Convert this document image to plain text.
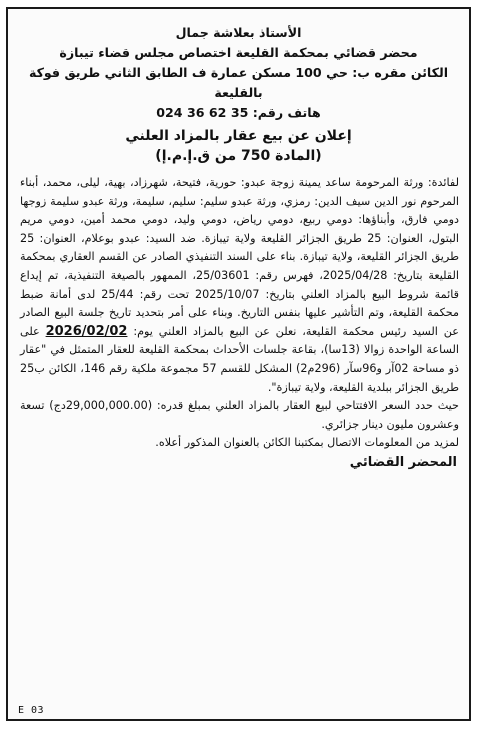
الأستاذ بعلاشة جمال
محضر قضائي بمحكمة القليعة اختصاص مجلس قضاء تيبازة
الكائن مقره ب: حي 100 مسكن عمارة ف الطابق الثاني طريق فوكة بالقليعة
هاتف رقم: 35 62 36 024
إعلان عن بيع عقار بالمزاد العلني
(المادة 750 من ق.إ.م.إ)

لفائدة: ورثة المرحومة ساعد يمينة زوجة عبدو: حورية، فتيحة، شهرزاد، بهية، ليلى، محمد، أبناء المرحوم نور الدين سيف الدين: رمزي، ورثة عبدو سليم: سليم، سليمة، ورثة عبدو سليمة زوجها دومي فارق، وأبناؤها: دومي ربيع، دومي رياض، دومي وليد، دومي محمد أمين، دومي مريم البتول، العنوان: 25 طريق الجزائر القليعة ولاية تيبازة. ضد السيد: عبدو بوعلام، العنوان: 25 طريق الجزائر القليعة، ولاية تيبازة. بناء على السند التنفيذي الصادر عن القسم العقاري بمحكمة القليعة بتاريخ: 2025/04/28، فهرس رقم: 25/03601، الممهور بالصيغة التنفيذية، تم إيداع قائمة شروط البيع بالمزاد العلني بتاريخ: 2025/10/07 تحت رقم: 25/44 لدى أمانة ضبط محكمة القليعة، وتم التأشير عليها بنفس التاريخ. وبناء على أمر بتحديد تاريخ جلسة البيع الصادر عن السيد رئيس محكمة القليعة، نعلن عن البيع بالمزاد العلني يوم: 2026/02/02 على الساعة الواحدة زوالا (13سا)، بقاعة جلسات الأحداث بمحكمة القليعة للعقار المتمثل في "عقار ذو مساحة 02آر و96سآر (296م2) المشكل للقسم 57 مجموعة ملكية رقم 146، الكائن ب25 طريق الجزائر ببلدية القليعة، ولاية تيبازة".

حيث حدد السعر الافتتاحي لبيع العقار بالمزاد العلني بمبلغ قدره: (29,000,000.00دج) تسعة وعشرون مليون دينار جزائري.

لمزيد من المعلومات الاتصال بمكتبنا الكائن بالعنوان المذكور أعلاه.

المحضر القضائي
E 03
